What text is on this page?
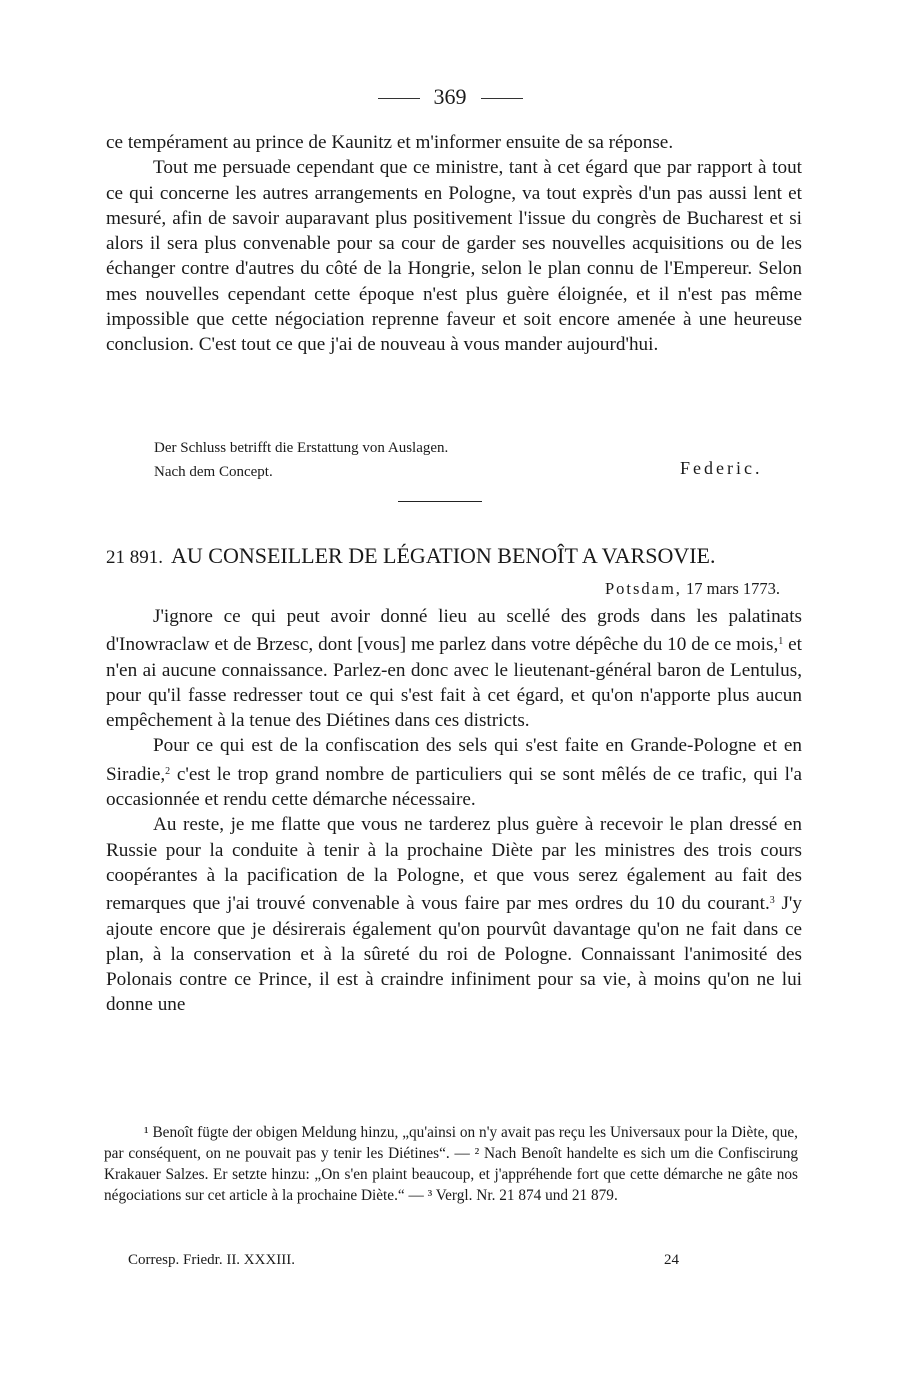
369

ce tempérament au prince de Kaunitz et m'informer ensuite de sa réponse.

Tout me persuade cependant que ce ministre, tant à cet égard que par rapport à tout ce qui concerne les autres arrangements en Pologne, va tout exprès d'un pas aussi lent et mesuré, afin de savoir auparavant plus positivement l'issue du congrès de Bucharest et si alors il sera plus convenable pour sa cour de garder ses nouvelles acquisitions ou de les échanger contre d'autres du côté de la Hongrie, selon le plan connu de l'Empereur. Selon mes nouvelles cependant cette époque n'est plus guère éloignée, et il n'est pas même impossible que cette négociation reprenne faveur et soit encore amenée à une heureuse conclusion. C'est tout ce que j'ai de nouveau à vous mander aujourd'hui.

Der Schluss betrifft die Erstattung von Auslagen.
Nach dem Concept.	Federic.
21 891. AU CONSEILLER DE LÉGATION BENOÎT A VARSOVIE.
Potsdam, 17 mars 1773.

J'ignore ce qui peut avoir donné lieu au scellé des grods dans les palatinats d'Inowraclaw et de Brzesc, dont [vous] me parlez dans votre dépêche du 10 de ce mois,$^1$ et n'en ai aucune connaissance. Parlez-en donc avec le lieutenant-général baron de Lentulus, pour qu'il fasse redresser tout ce qui s'est fait à cet égard, et qu'on n'apporte plus aucun empêchement à la tenue des Diétines dans ces districts.

Pour ce qui est de la confiscation des sels qui s'est faite en Grande-Pologne et en Siradie,$^2$ c'est le trop grand nombre de particuliers qui se sont mêlés de ce trafic, qui l'a occasionnée et rendu cette démarche nécessaire.

Au reste, je me flatte que vous ne tarderez plus guère à recevoir le plan dressé en Russie pour la conduite à tenir à la prochaine Diète par les ministres des trois cours coopérantes à la pacification de la Pologne, et que vous serez également au fait des remarques que j'ai trouvé convenable à vous faire par mes ordres du 10 du courant.$^3$ J'y ajoute encore que je désirerais également qu'on pourvût davantage qu'on ne fait dans ce plan, à la conservation et à la sûreté du roi de Pologne. Connaissant l'animosité des Polonais contre ce Prince, il est à craindre infiniment pour sa vie, à moins qu'on ne lui donne une

¹ Benoît fügte der obigen Meldung hinzu, „qu'ainsi on n'y avait pas reçu les Universaux pour la Diète, que, par conséquent, on ne pouvait pas y tenir les Diétines“. — ² Nach Benoît handelte es sich um die Confiscirung Krakauer Salzes. Er setzte hinzu: „On s'en plaint beaucoup, et j'appréhende fort que cette démarche ne gâte nos négociations sur cet article à la prochaine Diète.“ — ³ Vergl. Nr. 21 874 und 21 879.

Corresp. Friedr. II. XXXIII.	24
